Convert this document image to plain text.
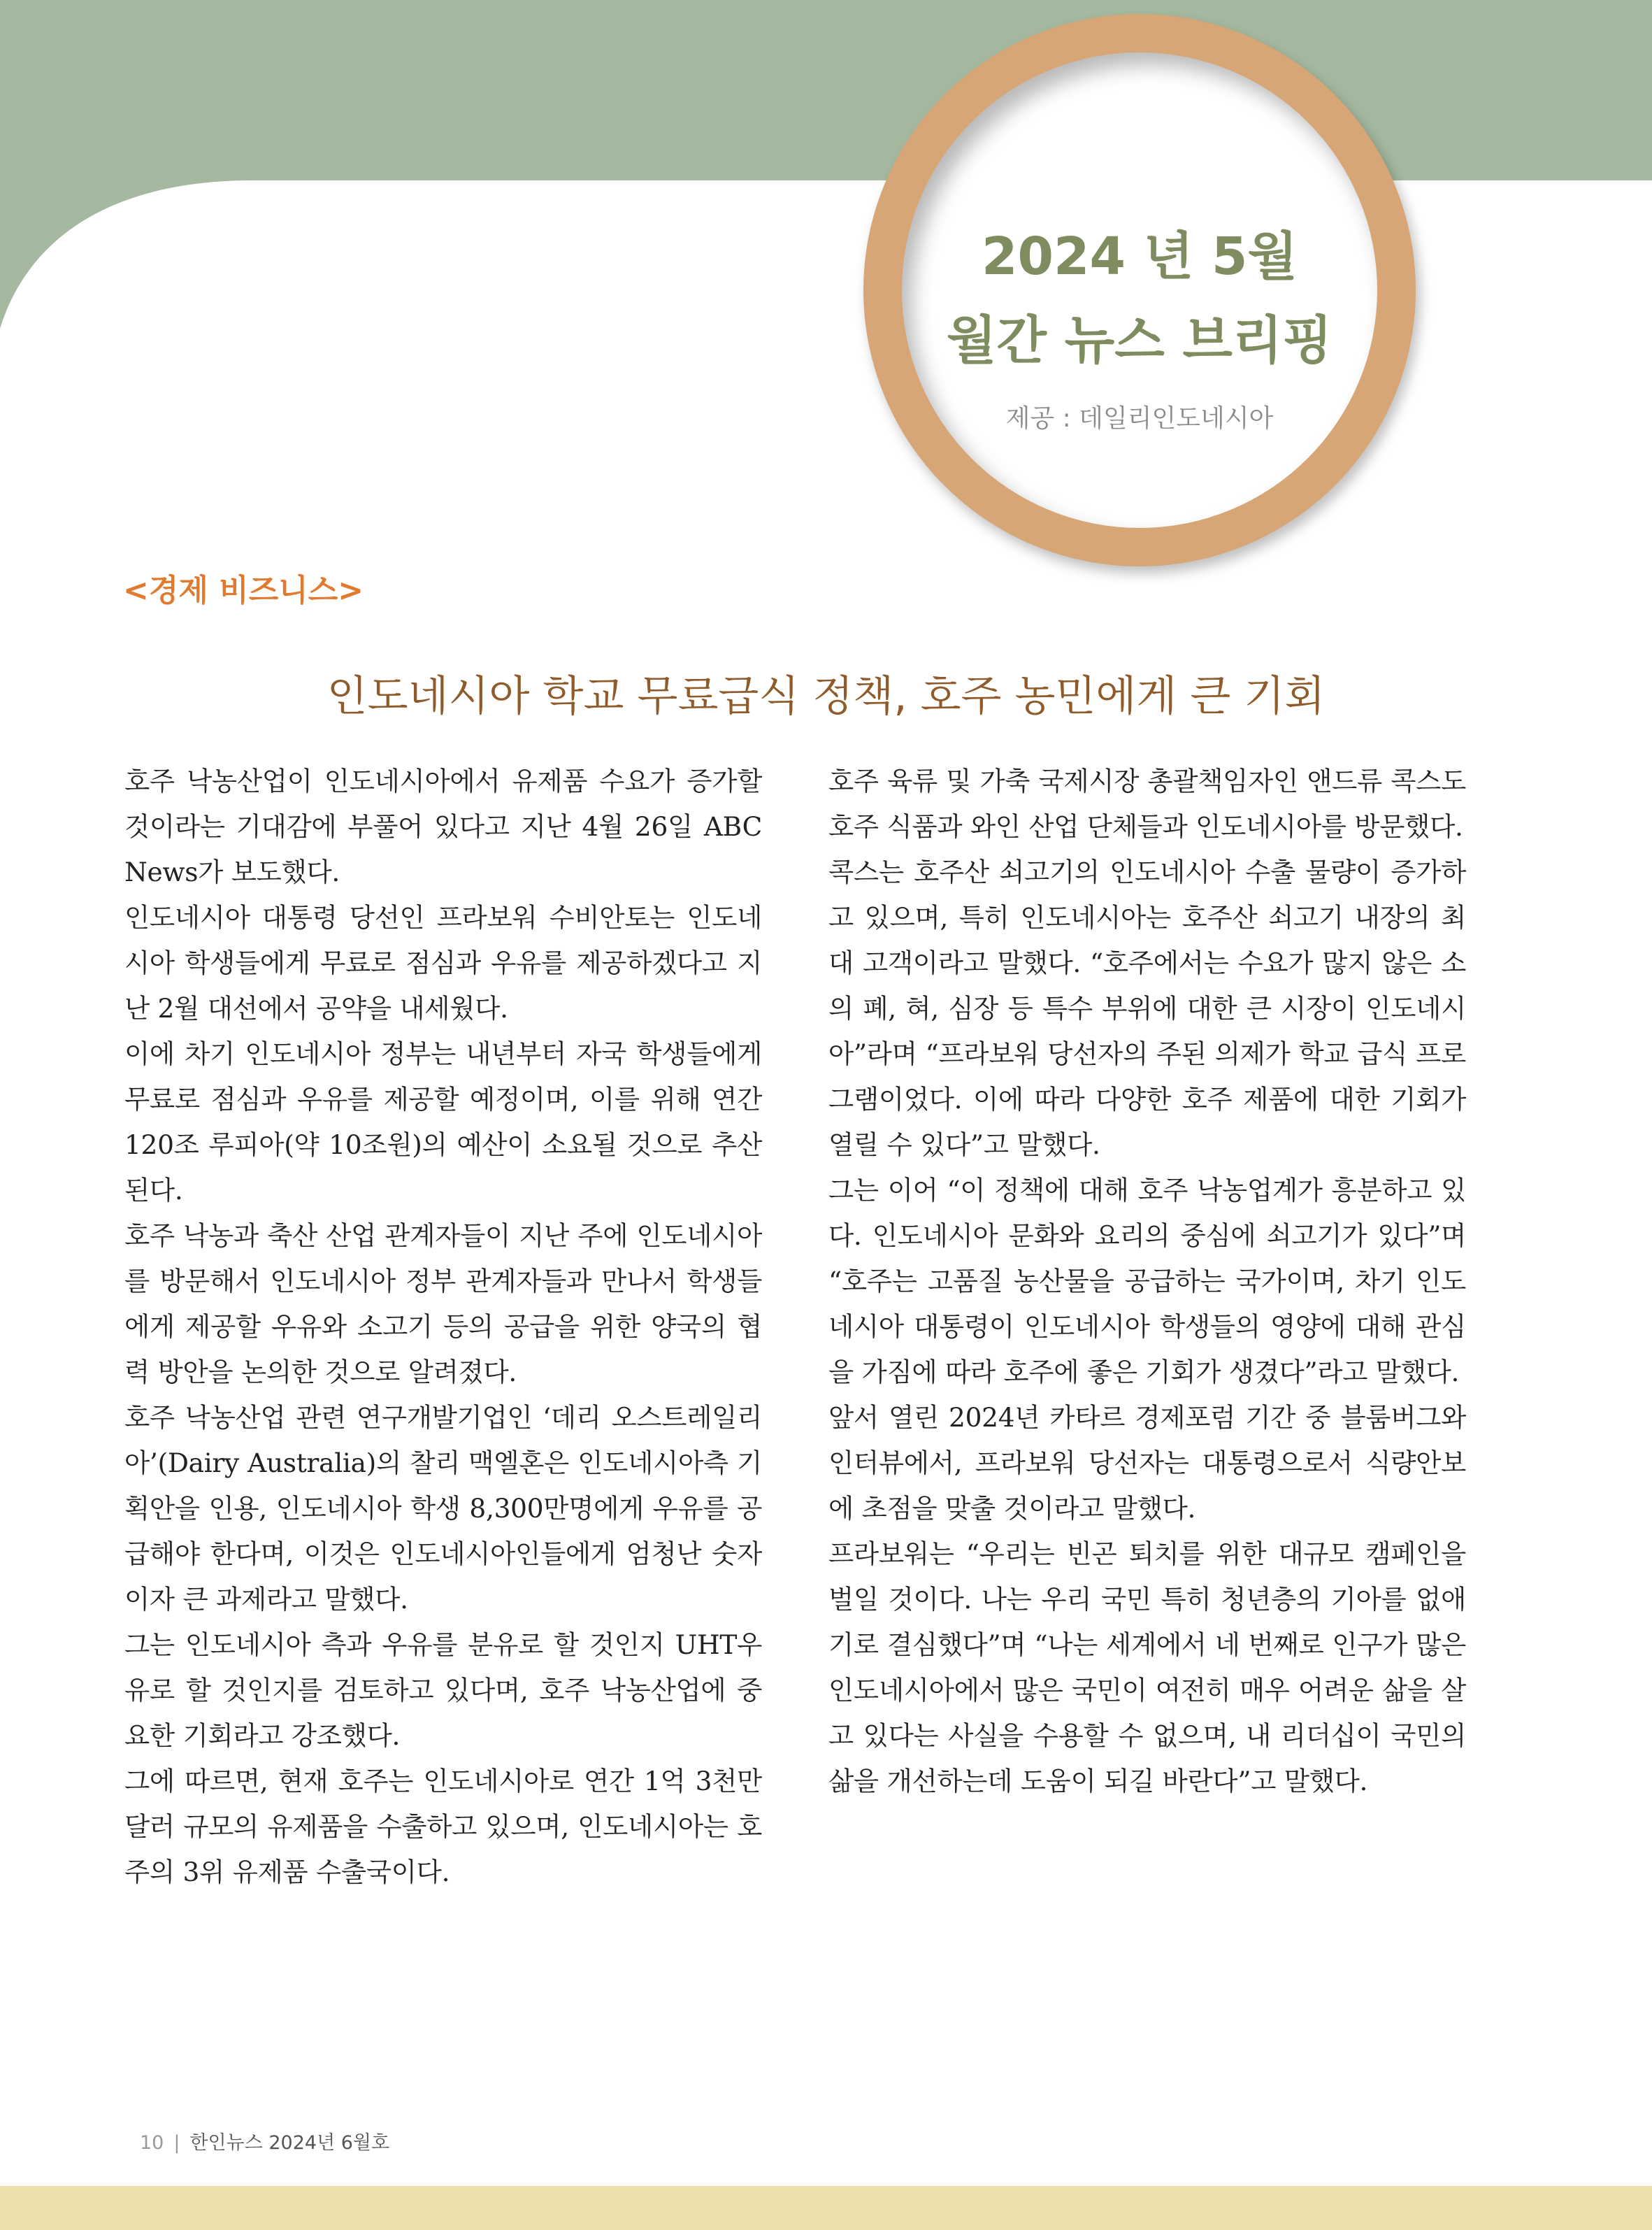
2024 년 5월
월간 뉴스 브리핑
제공 : 데일리인도네시아
<경제 비즈니스>
인도네시아 학교 무료급식 정책, 호주 농민에게 큰 기회

호주 낙농산업이 인도네시아에서 유제품 수요가 증가할 것이라는 기대감에 부풀어 있다고 지난 4월 26일 ABC News가 보도했다.

인도네시아 대통령 당선인 프라보워 수비안토는 인도네시아 학생들에게 무료로 점심과 우유를 제공하겠다고 지난 2월 대선에서 공약을 내세웠다.

이에 차기 인도네시아 정부는 내년부터 자국 학생들에게 무료로 점심과 우유를 제공할 예정이며, 이를 위해 연간 120조 루피아(약 10조원)의 예산이 소요될 것으로 추산된다.

호주 낙농과 축산 산업 관계자들이 지난 주에 인도네시아를 방문해서 인도네시아 정부 관계자들과 만나서 학생들에게 제공할 우유와 소고기 등의 공급을 위한 양국의 협력 방안을 논의한 것으로 알려졌다.

호주 낙농산업 관련 연구개발기업인 ‘데리 오스트레일리아’(Dairy Australia)의 찰리 맥엘혼은 인도네시아측 기획안을 인용, 인도네시아 학생 8,300만명에게 우유를 공급해야 한다며, 이것은 인도네시아인들에게 엄청난 숫자이자 큰 과제라고 말했다.

그는 인도네시아 측과 우유를 분유로 할 것인지 UHT우유로 할 것인지를 검토하고 있다며, 호주 낙농산업에 중요한 기회라고 강조했다.

그에 따르면, 현재 호주는 인도네시아로 연간 1억 3천만 달러 규모의 유제품을 수출하고 있으며, 인도네시아는 호주의 3위 유제품 수출국이다.

호주 육류 및 가축 국제시장 총괄책임자인 앤드류 콕스도 호주 식품과 와인 산업 단체들과 인도네시아를 방문했다.

콕스는 호주산 쇠고기의 인도네시아 수출 물량이 증가하고 있으며, 특히 인도네시아는 호주산 쇠고기 내장의 최대 고객이라고 말했다. “호주에서는 수요가 많지 않은 소의 폐, 혀, 심장 등 특수 부위에 대한 큰 시장이 인도네시아”라며 “프라보워 당선자의 주된 의제가 학교 급식 프로그램이었다. 이에 따라 다양한 호주 제품에 대한 기회가 열릴 수 있다”고 말했다.

그는 이어 “이 정책에 대해 호주 낙농업계가 흥분하고 있다. 인도네시아 문화와 요리의 중심에 쇠고기가 있다”며 “호주는 고품질 농산물을 공급하는 국가이며, 차기 인도네시아 대통령이 인도네시아 학생들의 영양에 대해 관심을 가짐에 따라 호주에 좋은 기회가 생겼다”라고 말했다.

앞서 열린 2024년 카타르 경제포럼 기간 중 블룸버그와 인터뷰에서, 프라보워 당선자는 대통령으로서 식량안보에 초점을 맞출 것이라고 말했다.

프라보워는 “우리는 빈곤 퇴치를 위한 대규모 캠페인을 벌일 것이다. 나는 우리 국민 특히 청년층의 기아를 없애기로 결심했다”며 “나는 세계에서 네 번째로 인구가 많은 인도네시아에서 많은 국민이 여전히 매우 어려운 삶을 살고 있다는 사실을 수용할 수 없으며, 내 리더십이 국민의 삶을 개선하는데 도움이 되길 바란다”고 말했다.

10 | 한인뉴스 2024년 6월호
